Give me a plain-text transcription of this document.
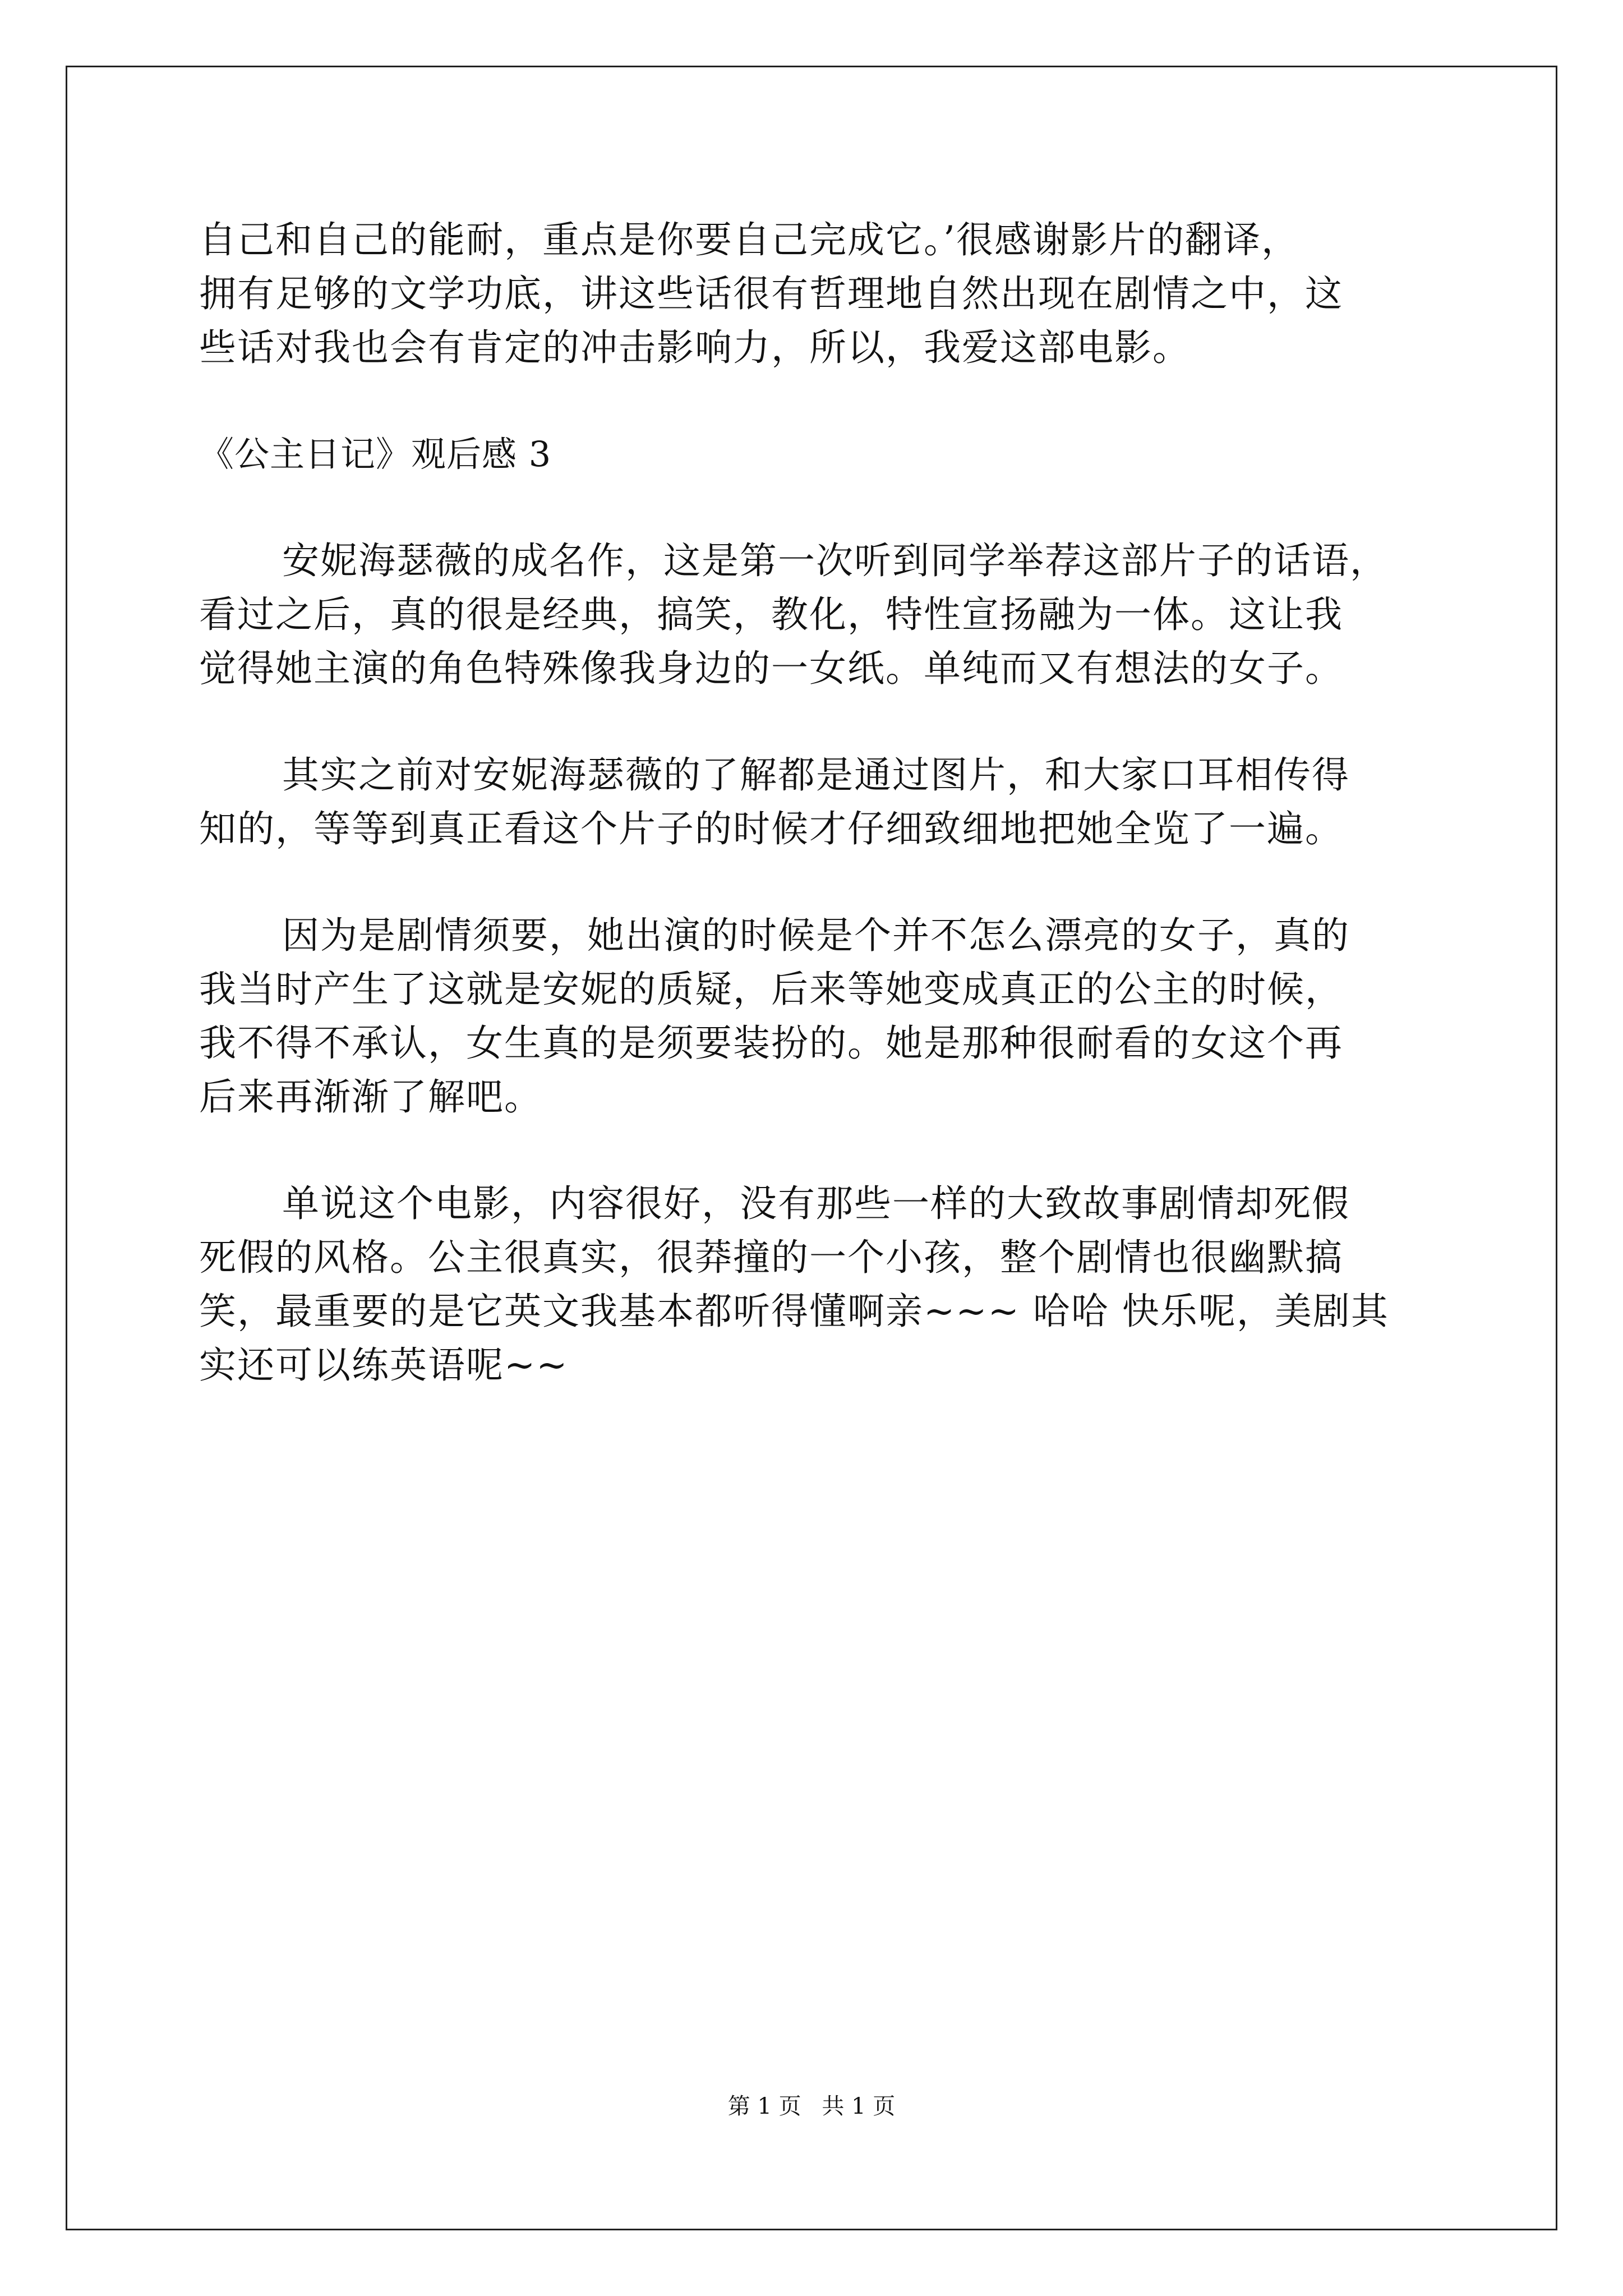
自己和自己的能耐，重点是你要自己完成它。’很感谢影片的翻译，
拥有足够的文学功底，讲这些话很有哲理地自然出现在剧情之中，这
些话对我也会有肯定的冲击影响力，所以，我爱这部电影。
《公主日记》观后感 3
安妮海瑟薇的成名作，这是第一次听到同学举荐这部片子的话语，
看过之后，真的很是经典，搞笑，教化，特性宣扬融为一体。这让我
觉得她主演的角色特殊像我身边的一女纸。单纯而又有想法的女子。
其实之前对安妮海瑟薇的了解都是通过图片，和大家口耳相传得
知的，等等到真正看这个片子的时候才仔细致细地把她全览了一遍。
因为是剧情须要，她出演的时候是个并不怎么漂亮的女子，真的
我当时产生了这就是安妮的质疑，后来等她变成真正的公主的时候，
我不得不承认，女生真的是须要装扮的。她是那种很耐看的女这个再
后来再渐渐了解吧。
单说这个电影，内容很好，没有那些一样的大致故事剧情却死假
死假的风格。公主很真实，很莽撞的一个小孩，整个剧情也很幽默搞
笑，最重要的是它英文我基本都听得懂啊亲~~~ 哈哈 快乐呢，美剧其
实还可以练英语呢~~
第 1 页 共 1 页
